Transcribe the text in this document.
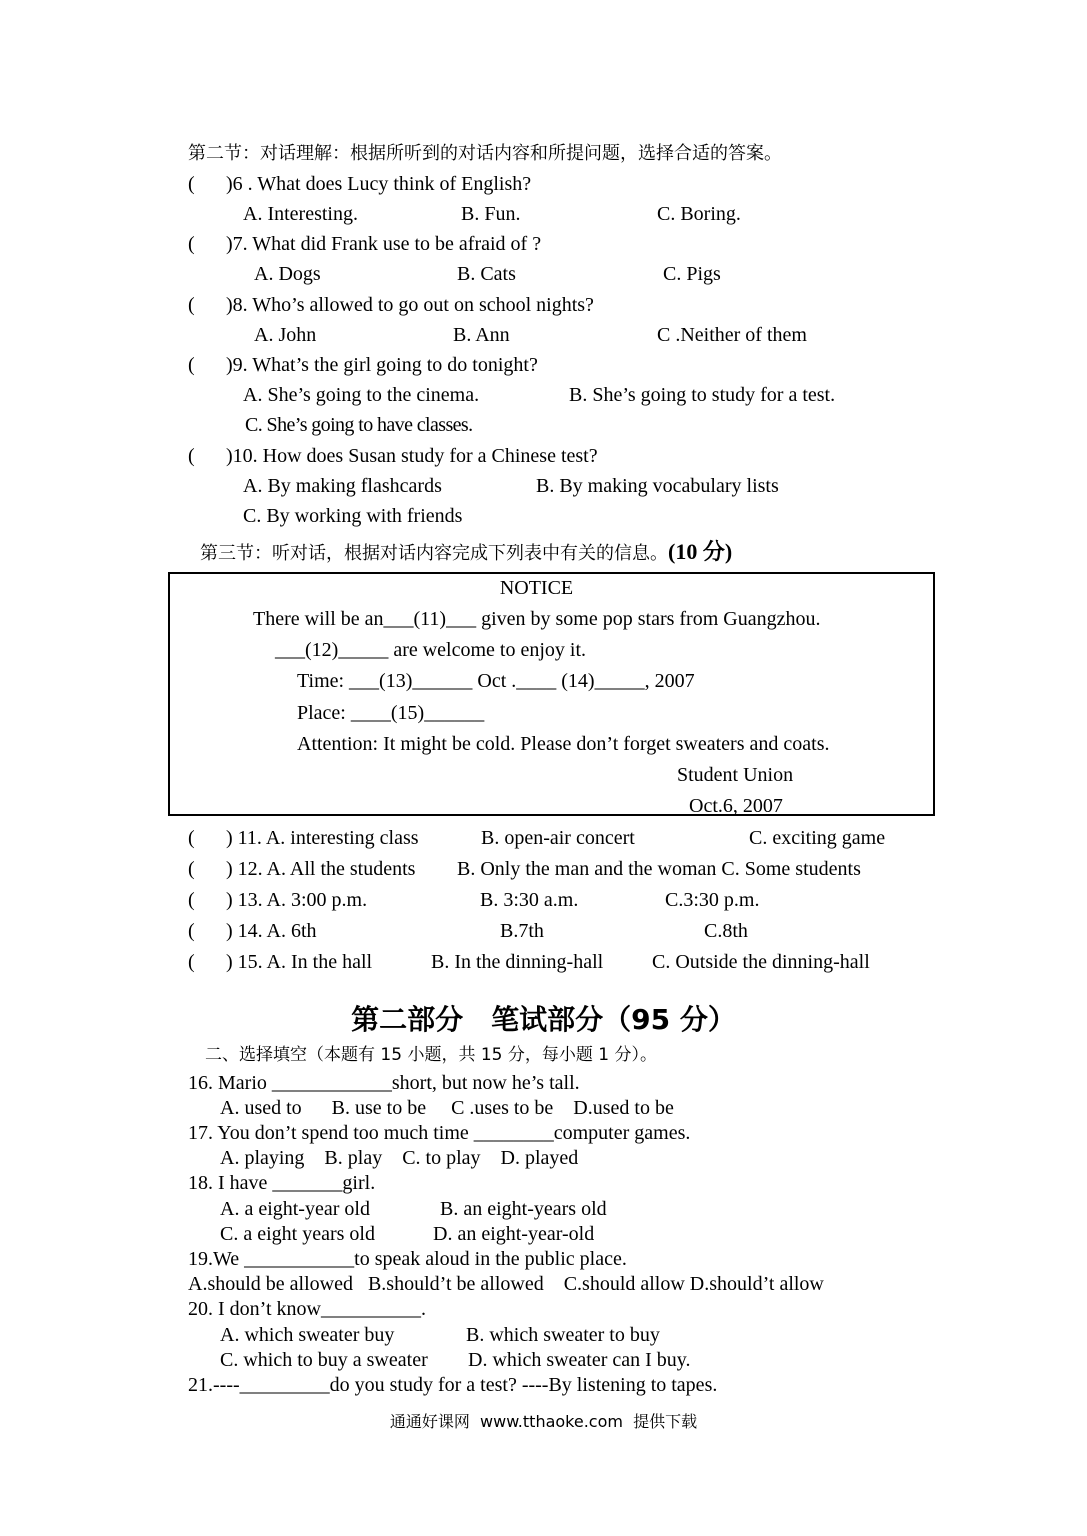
第二节：对话理解：根据所听到的对话内容和所提问题，选择合适的答案。
( )6 . What does Lucy think of English?
A. Interesting.	B. Fun.	C. Boring.
( )7. What did Frank use to be afraid of ?
A. Dogs	B. Cats	C. Pigs
( )8. Who’s allowed to go out on school nights?
A. John	B. Ann	C .Neither of them
( )9. What’s the girl going to do tonight?
A. She’s going to the cinema.	B. She’s going to study for a test.
C. She’s going to have classes.
( )10. How does Susan study for a Chinese test?
A. By making flashcards	B. By making vocabulary lists
C. By working with friends
第三节：听对话，根据对话内容完成下列表中有关的信息。(10 分)
NOTICE
There will be an___(11)___ given by some pop stars from Guangzhou.
___(12)_____ are welcome to enjoy it.
Time: ___(13)______ Oct .____ (14)_____, 2007
Place: ____(15)______
Attention: It might be cold. Please don’t forget sweaters and coats.
Student Union
Oct.6, 2007
( ) 11. A. interesting class	B. open-air concert	C. exciting game
( ) 12. A. All the students B. Only the man and the woman C. Some students
( ) 13. A. 3:00 p.m.	B. 3:30 a.m.	C.3:30 p.m.
( ) 14. A. 6th	B.7th	C.8th
( ) 15. A. In the hall	B. In the dinning-hall C. Outside the dinning-hall
第二部分　笔试部分（95 分）
二、选择填空（本题有 15 小题，共 15 分，每小题 1 分）。
16. Mario ____________short, but now he’s tall.
A. used to      B. use to be     C .uses to be    D.used to be
17. You don’t spend too much time ________computer games.
A. playing    B. play    C. to play    D. played
18. I have _______girl.
A. a eight-year old	B. an eight-years old
C. a eight years old	D. an eight-year-old
19.We ___________to speak aloud in the public place.
A.should be allowed   B.should’t be allowed    C.should allow D.should’t allow
20. I don’t know__________.
A. which sweater buy	B. which sweater to buy
C. which to buy a sweater D. which sweater can I buy.
21.----_________do you study for a test? ----By listening to tapes.
通通好课网  www.tthaoke.com  提供下载
